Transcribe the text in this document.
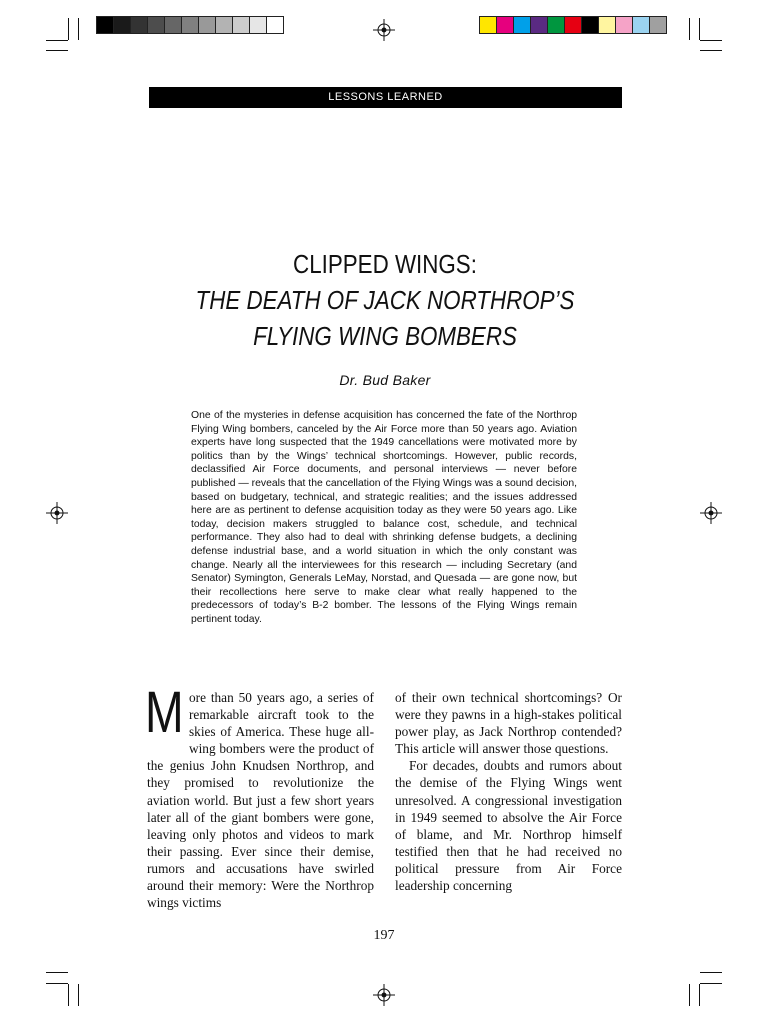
LESSONS LEARNED
CLIPPED WINGS:
THE DEATH OF JACK NORTHROP’S
FLYING WING BOMBERS
Dr. Bud Baker
One of the mysteries in defense acquisition has concerned the fate of the Northrop Flying Wing bombers, canceled by the Air Force more than 50 years ago. Aviation experts have long suspected that the 1949 cancellations were motivated more by politics than by the Wings’ technical shortcomings. However, public records, declassified Air Force documents, and personal interviews — never before published — reveals that the cancellation of the Flying Wings was a sound decision, based on budgetary, technical, and strategic realities; and the issues addressed here are as pertinent to defense acquisition today as they were 50 years ago. Like today, decision makers struggled to balance cost, schedule, and technical performance. They also had to deal with shrinking defense budgets, a declining defense industrial base, and a world situation in which the only constant was change. Nearly all the interviewees for this research — including Secretary (and Senator) Symington, Generals LeMay, Norstad, and Quesada — are gone now, but their recollections here serve to make clear what really happened to the predecessors of today’s B-2 bomber. The lessons of the Flying Wings remain pertinent today.

More than 50 years ago, a series of remarkable aircraft took to the skies of America. These huge all-wing bombers were the product of the genius John Knudsen Northrop, and they promised to revolutionize the aviation world. But just a few short years later all of the giant bombers were gone, leaving only photos and videos to mark their passing. Ever since their demise, rumors and accusations have swirled around their memory: Were the Northrop wings victims

of their own technical shortcomings? Or were they pawns in a high-stakes political power play, as Jack Northrop contended? This article will answer those questions.

For decades, doubts and rumors about the demise of the Flying Wings went unresolved. A congressional investigation in 1949 seemed to absolve the Air Force of blame, and Mr. Northrop himself testified then that he had received no political pressure from Air Force leadership concerning

197
